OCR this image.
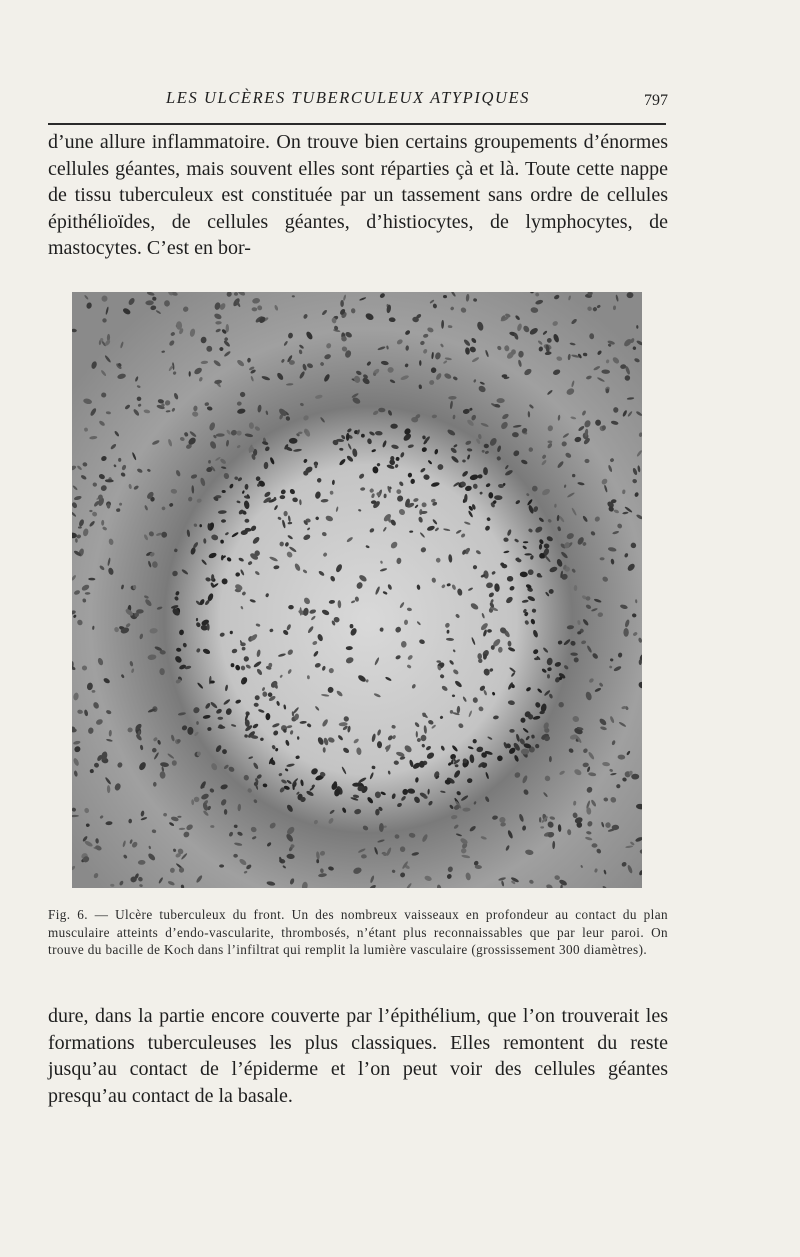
LES ULCÈRES TUBERCULEUX ATYPIQUES	797

d’une allure inflammatoire. On trouve bien certains groupements d’énormes cellules géantes, mais souvent elles sont réparties çà et là. Toute cette nappe de tissu tuberculeux est constituée par un tassement sans ordre de cellules épithélioïdes, de cellules géantes, d’histiocytes, de lymphocytes, de mastocytes. C’est en bor-

Fig. 6. — Ulcère tuberculeux du front. Un des nombreux vaisseaux en profondeur au contact du plan musculaire atteints d’endo-vascularite, thrombosés, n’étant plus reconnaissables que par leur paroi. On trouve du bacille de Koch dans l’infiltrat qui remplit la lumière vasculaire (grossissement 300 diamètres).

dure, dans la partie encore couverte par l’épithélium, que l’on trouverait les formations tuberculeuses les plus classiques. Elles remontent du reste jusqu’au contact de l’épiderme et l’on peut voir des cellules géantes presqu’au contact de la basale.
